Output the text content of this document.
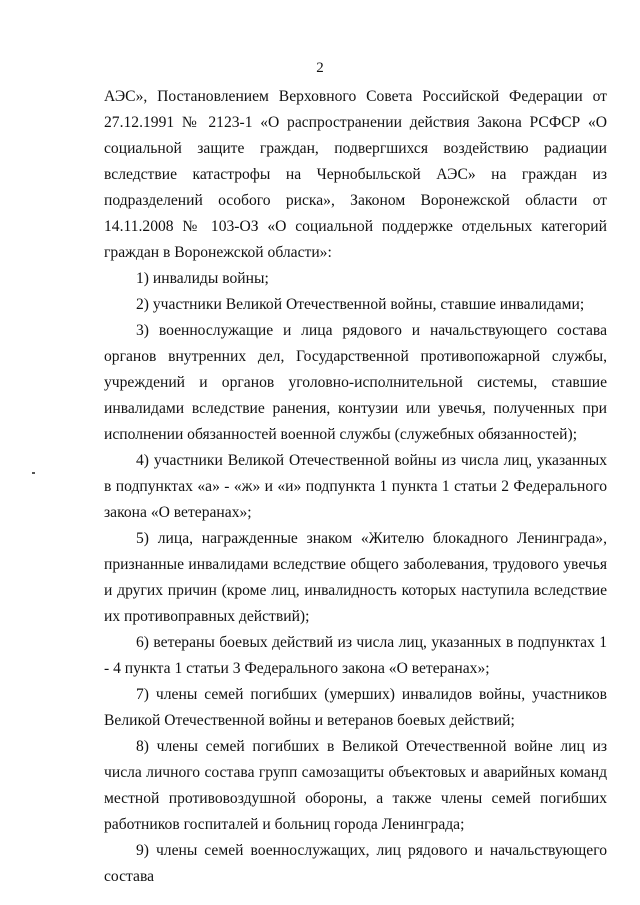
2

АЭС», Постановлением Верховного Совета Российской Федерации от 27.12.1991 № 2123-1 «О распространении действия Закона РСФСР «О социальной защите граждан, подвергшихся воздействию радиации вследствие катастрофы на Чернобыльской АЭС» на граждан из подразделений особого риска», Законом Воронежской области от 14.11.2008 № 103-ОЗ «О социальной поддержке отдельных категорий граждан в Воронежской области»:

1) инвалиды войны;

2) участники Великой Отечественной войны, ставшие инвалидами;

3) военнослужащие и лица рядового и начальствующего состава органов внутренних дел, Государственной противопожарной службы, учреждений и органов уголовно-исполнительной системы, ставшие инвалидами вследствие ранения, контузии или увечья, полученных при исполнении обязанностей военной службы (служебных обязанностей);

4) участники Великой Отечественной войны из числа лиц, указанных в подпунктах «а» - «ж» и «и» подпункта 1 пункта 1 статьи 2 Федерального закона «О ветеранах»;

5) лица, награжденные знаком «Жителю блокадного Ленинграда», признанные инвалидами вследствие общего заболевания, трудового увечья и других причин (кроме лиц, инвалидность которых наступила вследствие их противоправных действий);

6) ветераны боевых действий из числа лиц, указанных в подпунктах 1 - 4 пункта 1 статьи 3 Федерального закона «О ветеранах»;

7) члены семей погибших (умерших) инвалидов войны, участников Великой Отечественной войны и ветеранов боевых действий;

8) члены семей погибших в Великой Отечественной войне лиц из числа личного состава групп самозащиты объектовых и аварийных команд местной противовоздушной обороны, а также члены семей погибших работников госпиталей и больниц города Ленинграда;

9) члены семей военнослужащих, лиц рядового и начальствующего состава
